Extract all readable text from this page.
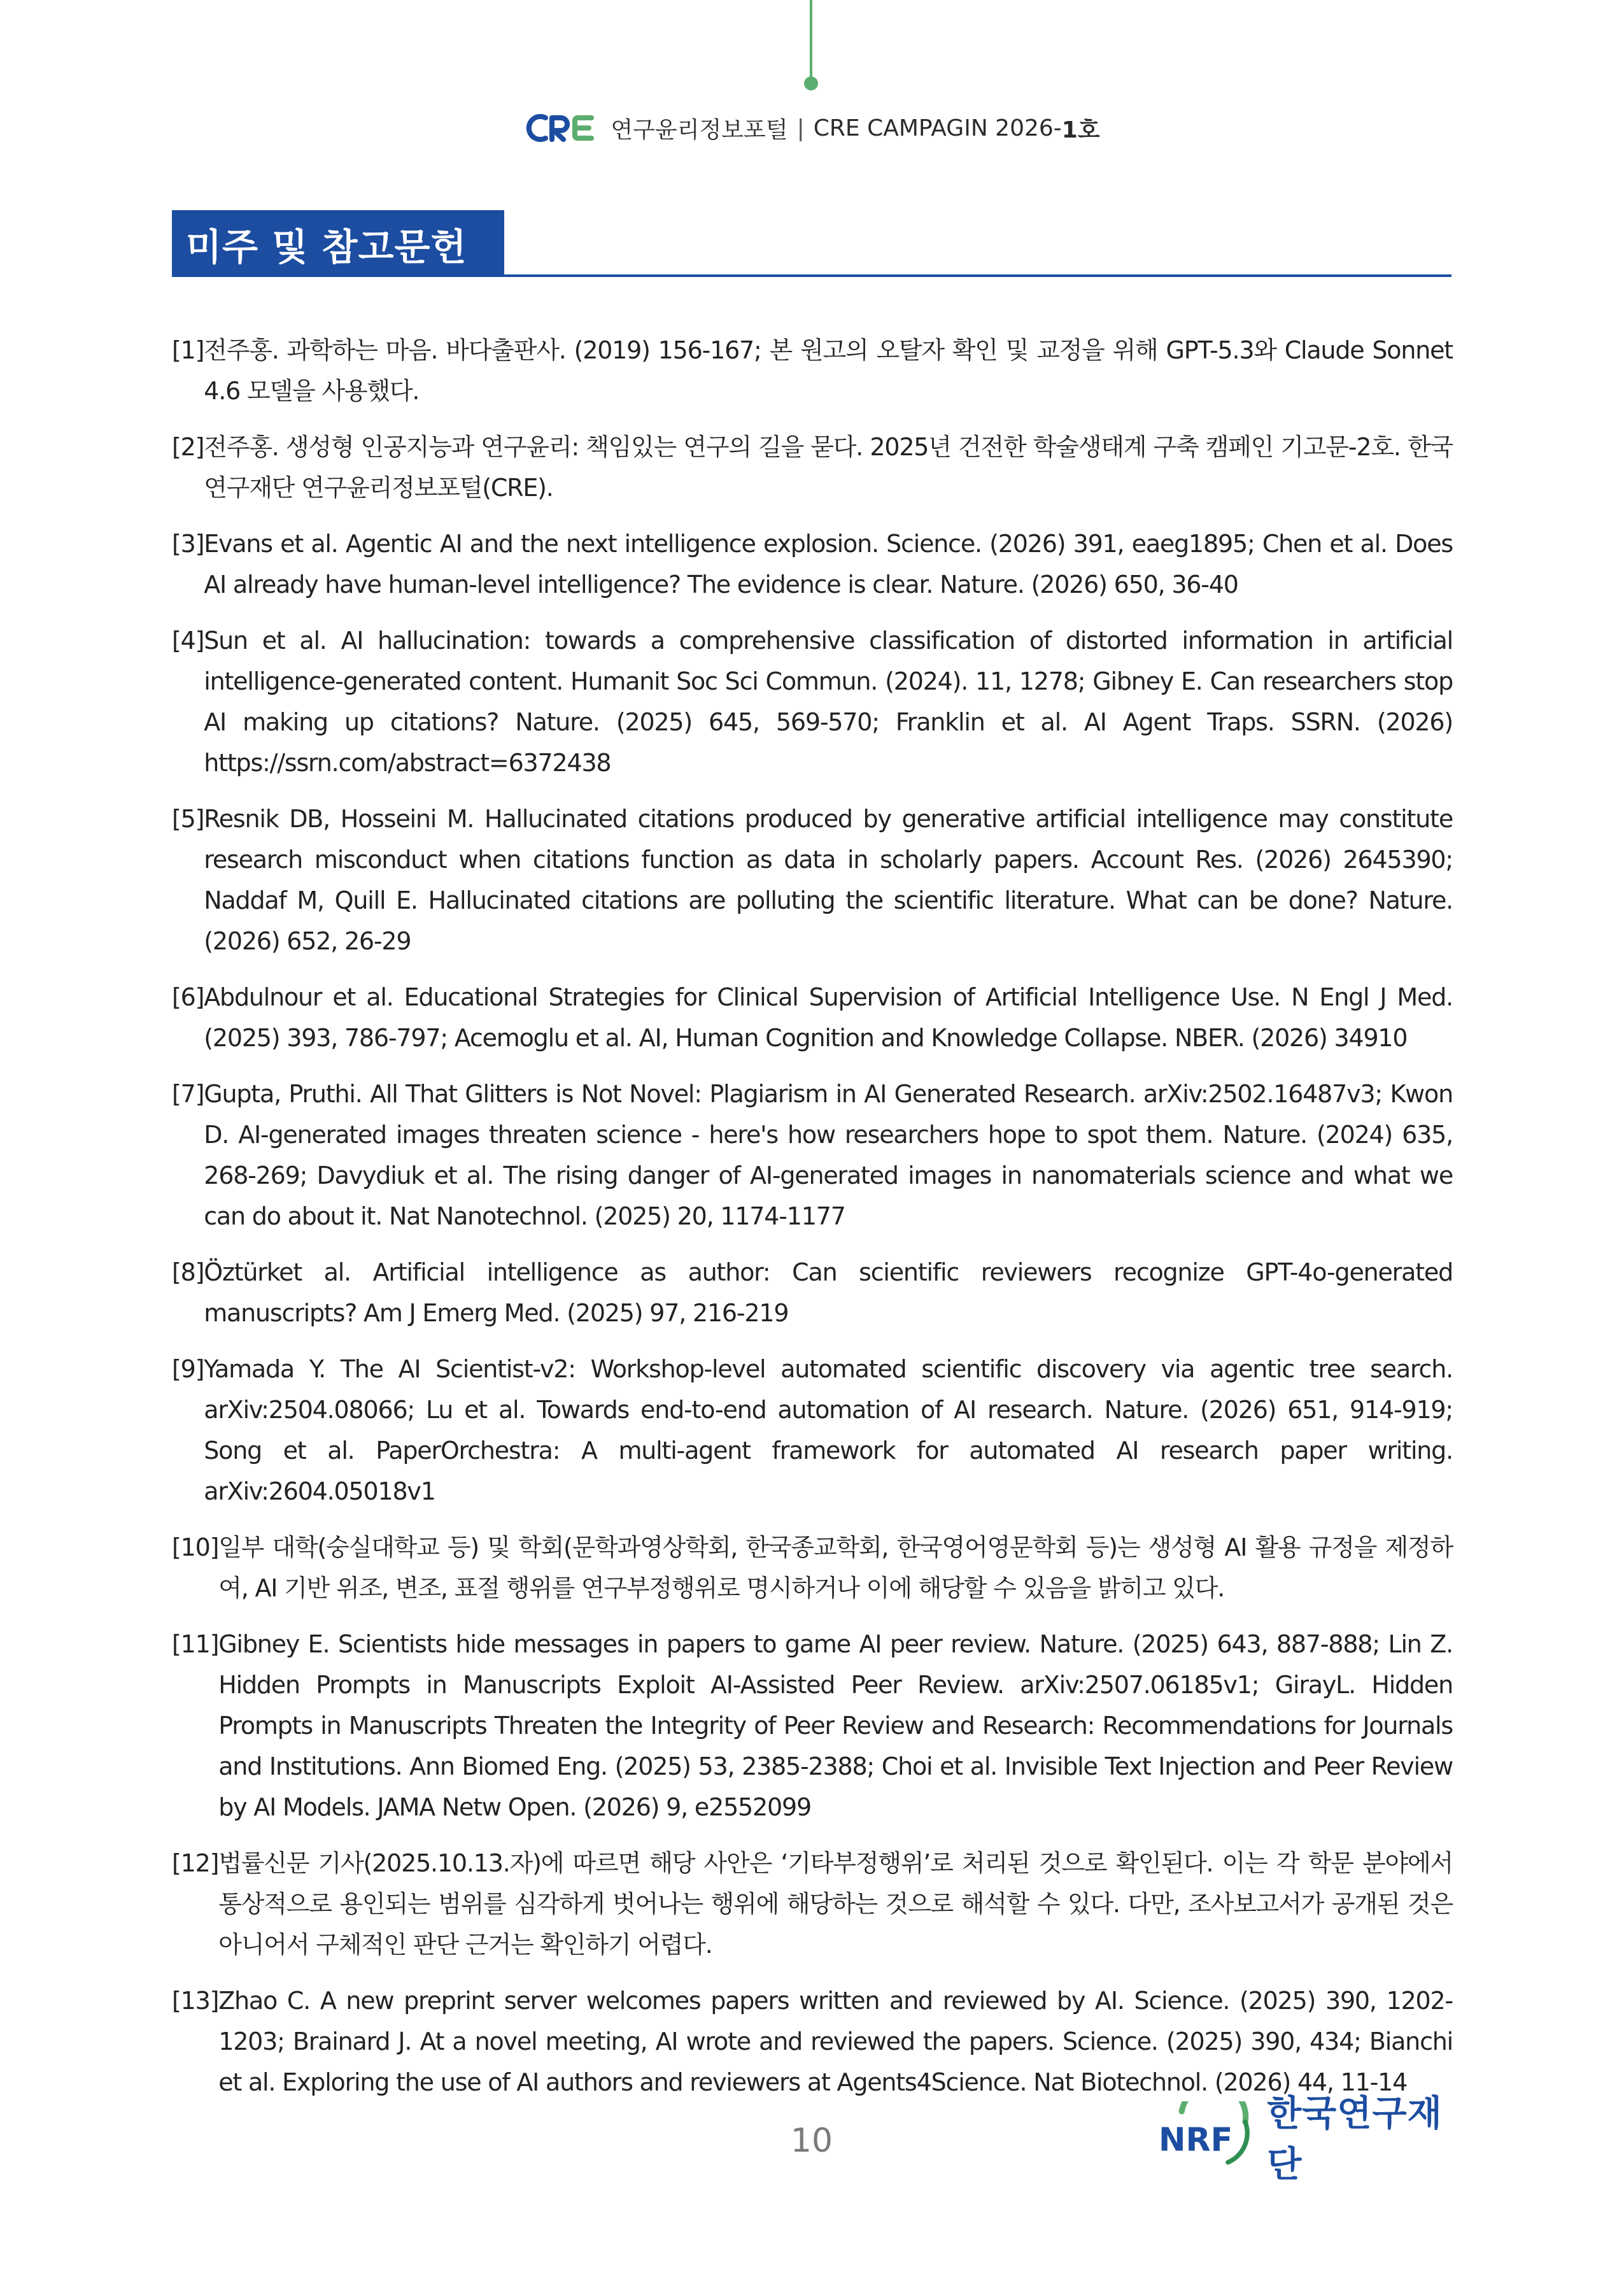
연구윤리정보포털 | CRE CAMPAGIN 2026- 1호
미주 및 참고문헌
[1] 전주홍. 과학하는 마음. 바다출판사. (2019) 156-167; 본 원고의 오탈자 확인 및 교정을 위해 GPT-5.3와 Claude Sonnet 4.6 모델을 사용했다.
[2] 전주홍. 생성형 인공지능과 연구윤리: 책임있는 연구의 길을 묻다. 2025년 건전한 학술생태계 구축 캠페인 기고문-2호. 한국연구재단 연구윤리정보포털(CRE).
[3] Evans et al. Agentic AI and the next intelligence explosion. Science. (2026) 391, eaeg1895; Chen et al. Does AI already have human-level intelligence? The evidence is clear. Nature. (2026) 650, 36-40
[4] Sun et al. AI hallucination: towards a comprehensive classification of distorted information in artificial intelligence-generated content. Humanit Soc Sci Commun. (2024). 11, 1278; Gibney E. Can researchers stop AI making up citations? Nature. (2025) 645, 569-570; Franklin et al. AI Agent Traps. SSRN. (2026) https://ssrn.com/abstract=6372438
[5] Resnik DB, Hosseini M. Hallucinated citations produced by generative artificial intelligence may constitute research misconduct when citations function as data in scholarly papers. Account Res. (2026) 2645390; Naddaf M, Quill E. Hallucinated citations are polluting the scientific literature. What can be done? Nature. (2026) 652, 26-29
[6] Abdulnour et al. Educational Strategies for Clinical Supervision of Artificial Intelligence Use. N Engl J Med. (2025) 393, 786-797; Acemoglu et al. AI, Human Cognition and Knowledge Collapse. NBER. (2026) 34910
[7] Gupta, Pruthi. All That Glitters is Not Novel: Plagiarism in AI Generated Research. arXiv:2502.16487v3; Kwon D. AI-generated images threaten science - here's how researchers hope to spot them. Nature. (2024) 635, 268-269; Davydiuk et al. The rising danger of AI-generated images in nanomaterials science and what we can do about it. Nat Nanotechnol. (2025) 20, 1174-1177
[8] Öztürket al. Artificial intelligence as author: Can scientific reviewers recognize GPT-4o-generated manuscripts? Am J Emerg Med. (2025) 97, 216-219
[9] Yamada Y. The AI Scientist-v2: Workshop-level automated scientific discovery via agentic tree search. arXiv:2504.08066; Lu et al. Towards end-to-end automation of AI research. Nature. (2026) 651, 914-919; Song et al. PaperOrchestra: A multi-agent framework for automated AI research paper writing. arXiv:2604.05018v1
[10] 일부 대학(숭실대학교 등) 및 학회(문학과영상학회, 한국종교학회, 한국영어영문학회 등)는 생성형 AI 활용 규정을 제정하여, AI 기반 위조, 변조, 표절 행위를 연구부정행위로 명시하거나 이에 해당할 수 있음을 밝히고 있다.
[11] Gibney E. Scientists hide messages in papers to game AI peer review. Nature. (2025) 643, 887-888; Lin Z. Hidden Prompts in Manuscripts Exploit AI-Assisted Peer Review. arXiv:2507.06185v1; GirayL. Hidden Prompts in Manuscripts Threaten the Integrity of Peer Review and Research: Recommendations for Journals and Institutions. Ann Biomed Eng. (2025) 53, 2385-2388; Choi et al. Invisible Text Injection and Peer Review by AI Models. JAMA Netw Open. (2026) 9, e2552099
[12] 법률신문 기사(2025.10.13.자)에 따르면 해당 사안은 ‘기타부정행위’로 처리된 것으로 확인된다. 이는 각 학문 분야에서 통상적으로 용인되는 범위를 심각하게 벗어나는 행위에 해당하는 것으로 해석할 수 있다. 다만, 조사보고서가 공개된 것은 아니어서 구체적인 판단 근거는 확인하기 어렵다.
[13] Zhao C. A new preprint server welcomes papers written and reviewed by AI. Science. (2025) 390, 1202-1203; Brainard J. At a novel meeting, AI wrote and reviewed the papers. Science. (2025) 390, 434; Bianchi et al. Exploring the use of AI authors and reviewers at Agents4Science. Nat Biotechnol. (2026) 44, 11-14
10	NRF
한국연구재단
